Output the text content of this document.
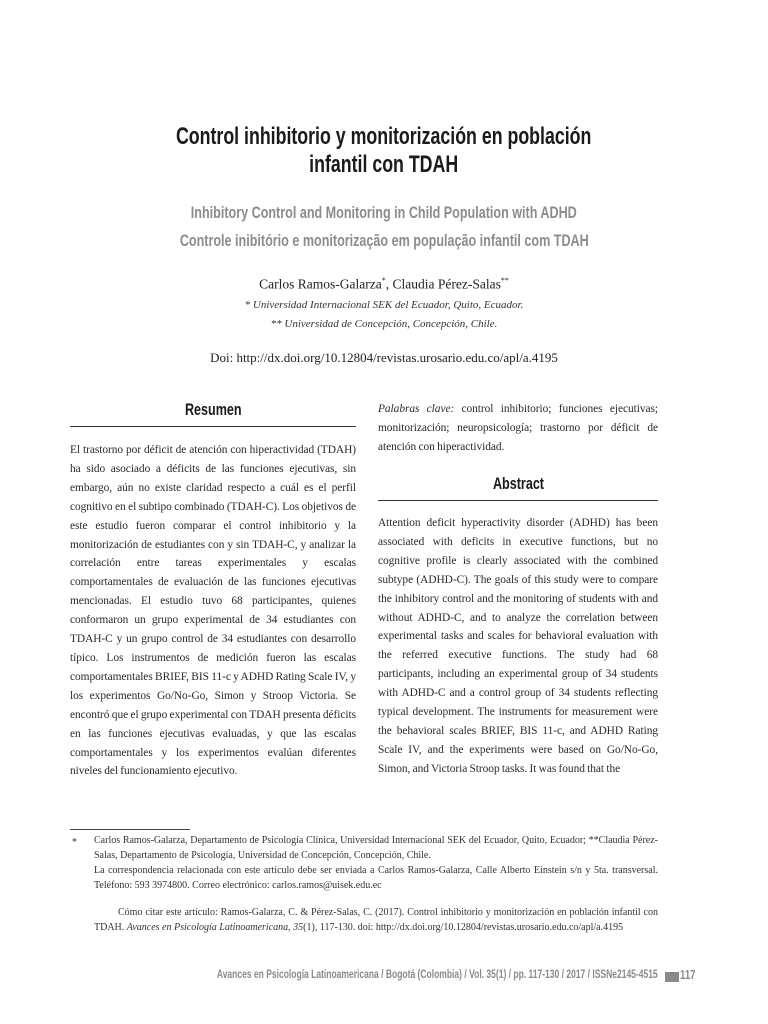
Control inhibitorio y monitorización en población
infantil con TDAH
Inhibitory Control and Monitoring in Child Population with ADHD
Controle inibitório e monitorização em população infantil com TDAH
Carlos Ramos-Galarza*, Claudia Pérez-Salas**
* Universidad Internacional SEK del Ecuador, Quito, Ecuador.
** Universidad de Concepción, Concepción, Chile.
Doi: http://dx.doi.org/10.12804/revistas.urosario.edu.co/apl/a.4195
Resumen
El trastorno por déficit de atención con hiperactividad (TDAH) ha sido asociado a déficits de las funciones ejecutivas, sin embargo, aún no existe claridad respecto a cuál es el perfil cognitivo en el subtipo combinado (TDAH-C). Los objetivos de este estudio fueron comparar el control inhibitorio y la monitorización de estudiantes con y sin TDAH-C, y analizar la correlación entre tareas experimentales y escalas comportamentales de evaluación de las funciones ejecutivas mencionadas. El estudio tuvo 68 participantes, quienes conformaron un grupo experimental de 34 estudiantes con TDAH-C y un grupo control de 34 estudiantes con desarrollo típico. Los instrumentos de medición fueron las escalas comportamentales BRIEF, BIS 11-c y ADHD Rating Scale IV, y los experimentos Go/No-Go, Simon y Stroop Victoria. Se encontró que el grupo experimental con TDAH presenta déficits en las funciones ejecutivas evaluadas, y que las escalas comportamentales y los experimentos evalúan diferentes niveles del funcionamiento ejecutivo.
Palabras clave: control inhibitorio; funciones ejecutivas; monitorización; neuropsicología; trastorno por déficit de atención con hiperactividad.
Abstract
Attention deficit hyperactivity disorder (ADHD) has been associated with deficits in executive functions, but no cognitive profile is clearly associated with the combined subtype (ADHD-C). The goals of this study were to compare the inhibitory control and the monitoring of students with and without ADHD-C, and to analyze the correlation between experimental tasks and scales for behavioral evaluation with the referred executive functions. The study had 68 participants, including an experimental group of 34 students with ADHD-C and a control group of 34 students reflecting typical development. The instruments for measurement were the behavioral scales BRIEF, BIS 11-c, and ADHD Rating Scale IV, and the experiments were based on Go/No-Go, Simon, and Victoria Stroop tasks. It was found that the
* Carlos Ramos-Galarza, Departamento de Psicología Clínica, Universidad Internacional SEK del Ecuador, Quito, Ecuador; **Claudia Pérez-Salas, Departamento de Psicología, Universidad de Concepción, Concepción, Chile.
La correspondencia relacionada con este artículo debe ser enviada a Carlos Ramos-Galarza, Calle Alberto Einstein s/n y 5ta. transversal. Teléfono: 593 3974800. Correo electrónico: carlos.ramos@uisek.edu.ec
Cómo citar este artículo: Ramos-Galarza, C. & Pérez-Salas, C. (2017). Control inhibitorio y monitorización en población infantil con TDAH. Avances en Psicología Latinoamericana, 35(1), 117-130. doi: http://dx.doi.org/10.12804/revistas.urosario.edu.co/apl/a.4195
Avances en Psicología Latinoamericana / Bogotá (Colombia) / Vol. 35(1) / pp. 117-130 / 2017 / ISSNe2145-4515 117
